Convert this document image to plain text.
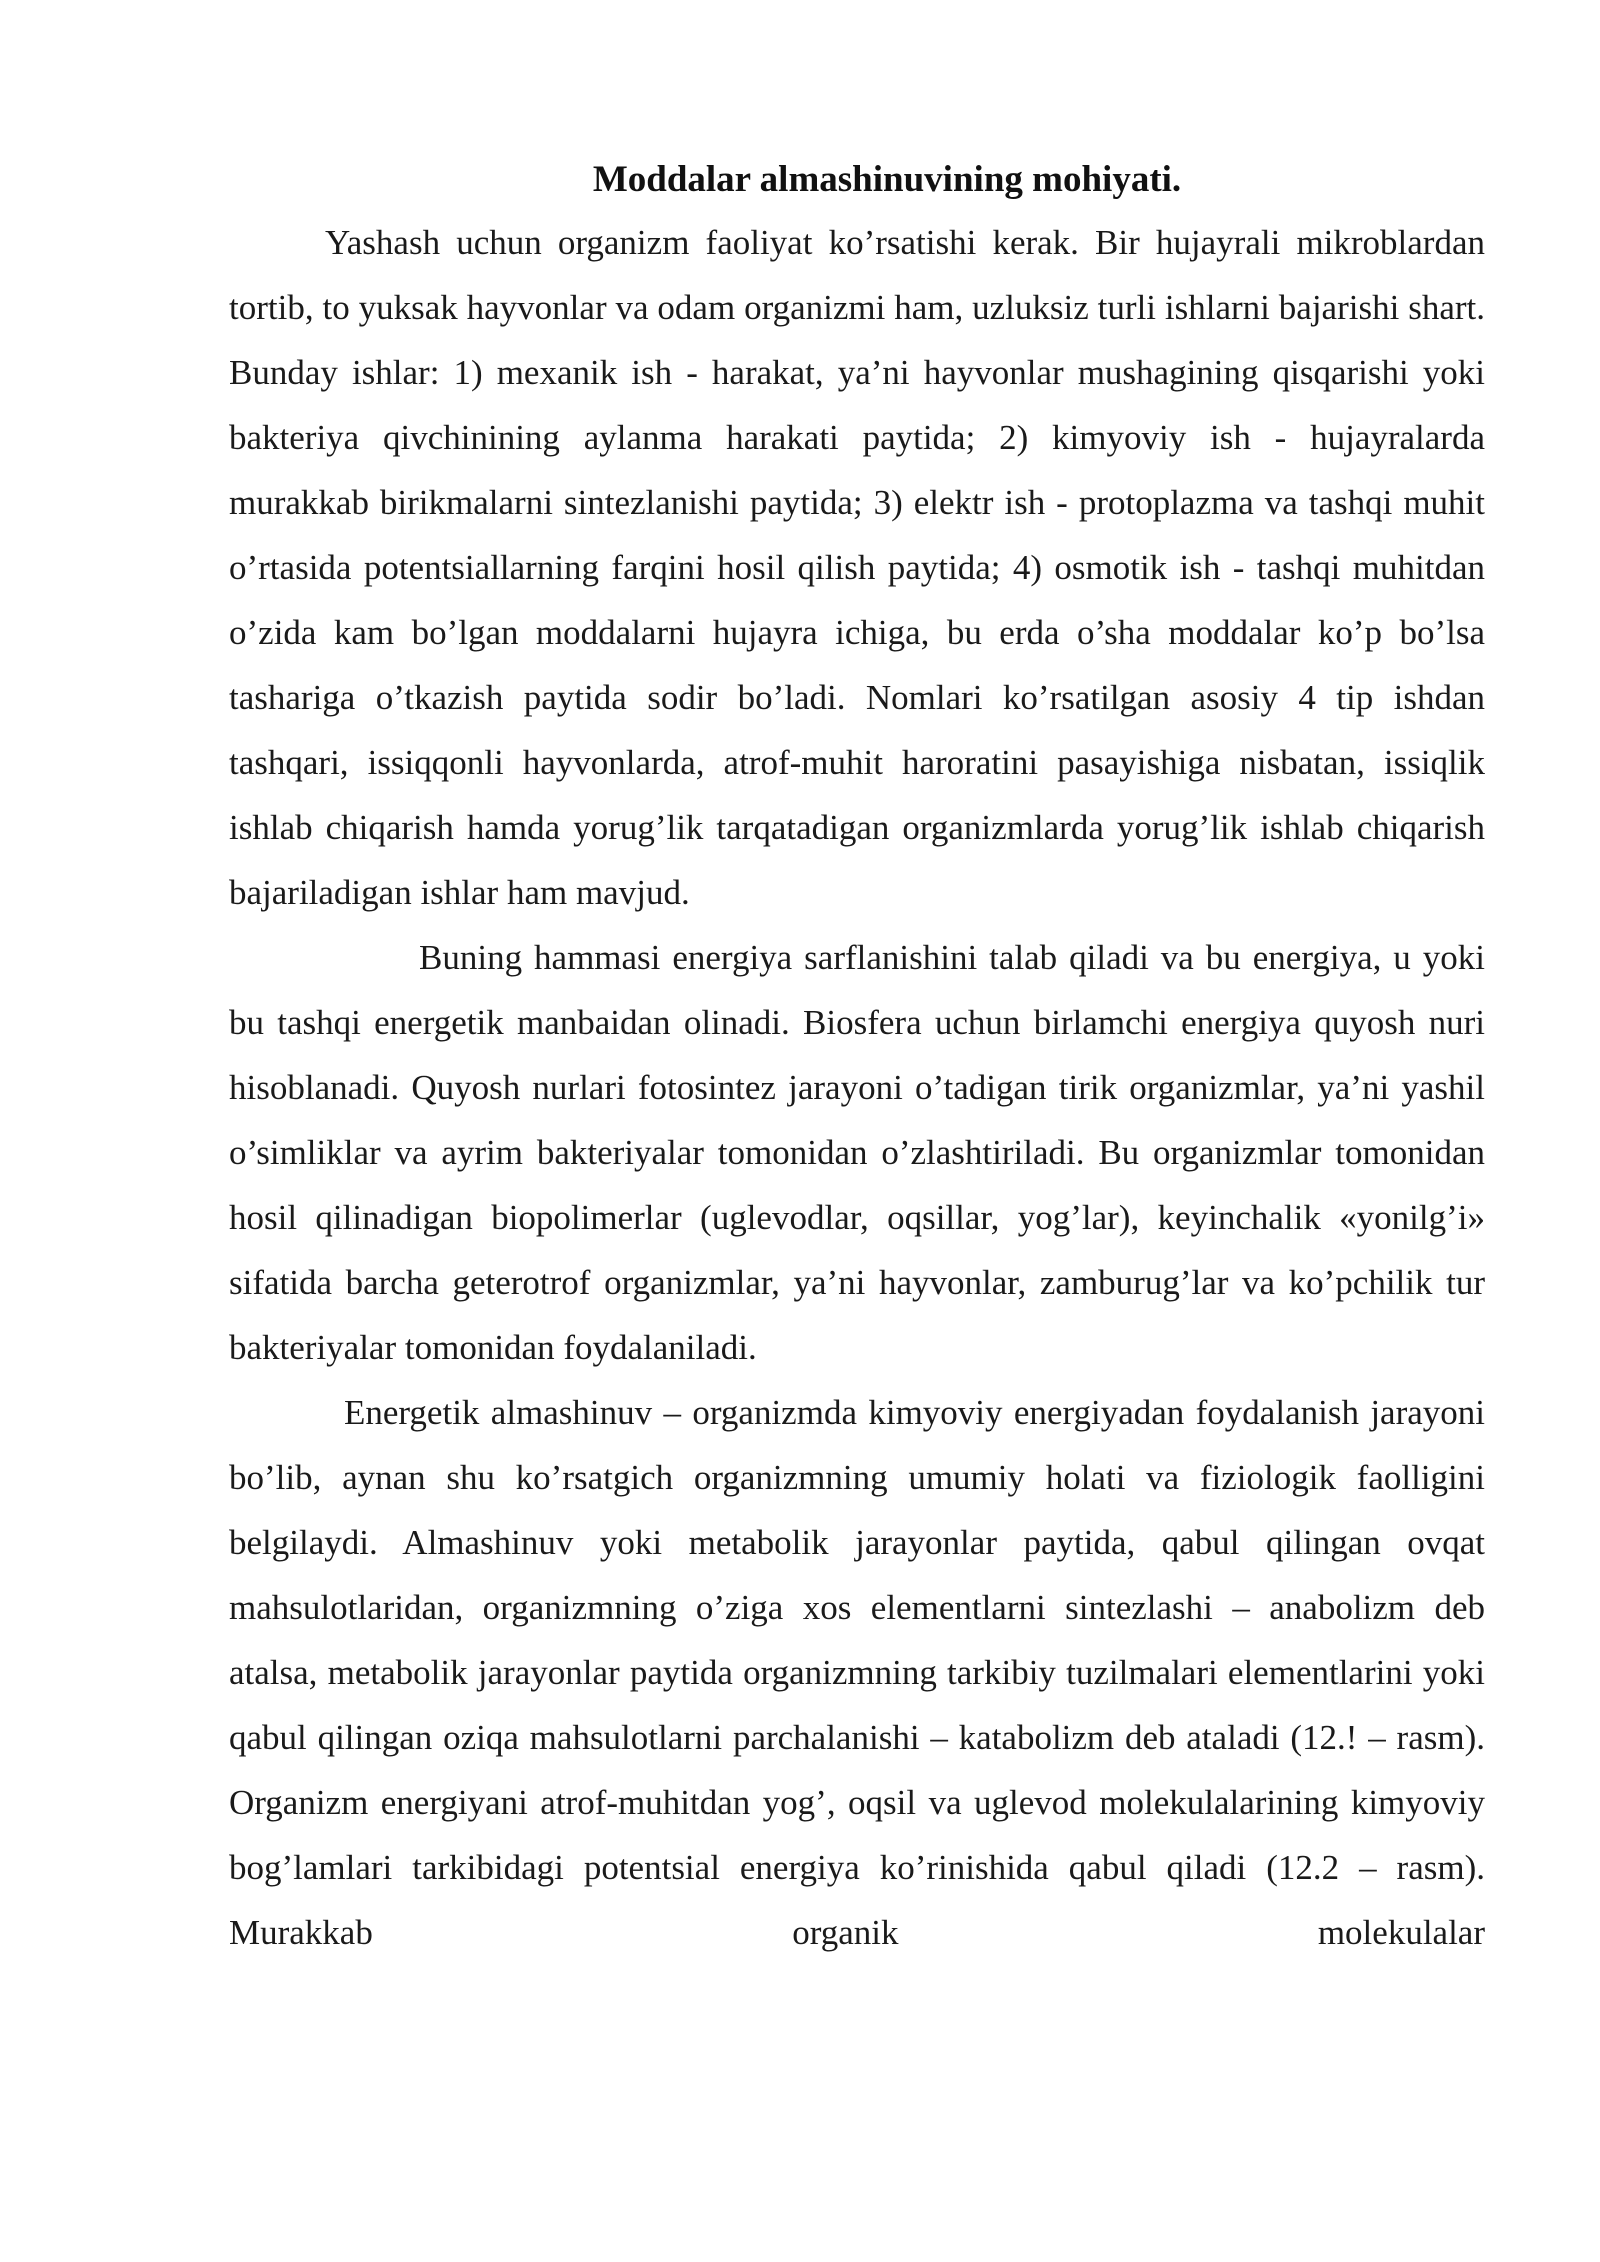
Moddalar almashinuvining mohiyati.

Yashash uchun organizm faoliyat ko’rsatishi kerak. Bir hujayrali mikroblardan tortib, to yuksak hayvonlar va odam organizmi ham, uzluksiz turli ishlarni bajarishi shart. Bunday ishlar: 1) mexanik ish - harakat, ya’ni hayvonlar mushagining qisqarishi yoki bakteriya qivchinining aylanma harakati paytida; 2) kimyoviy ish - hujayralarda murakkab birikmalarni sintezlanishi paytida; 3) elektr ish - protoplazma va tashqi muhit o’rtasida potentsiallarning farqini hosil qilish paytida; 4) osmotik ish - tashqi muhitdan o’zida kam bo’lgan moddalarni hujayra ichiga, bu erda o’sha moddalar ko’p bo’lsa tashariga o’tkazish paytida sodir bo’ladi. Nomlari ko’rsatilgan asosiy 4 tip ishdan tashqari, issiqqonli hayvonlarda, atrof-muhit haroratini pasayishiga nisbatan, issiqlik ishlab chiqarish hamda yorug’lik tarqatadigan organizmlarda yorug’lik ishlab chiqarish bajariladigan ishlar ham mavjud.

Buning hammasi energiya sarflanishini talab qiladi va bu energiya, u yoki bu tashqi energetik manbaidan olinadi. Biosfera uchun birlamchi energiya quyosh nuri hisoblanadi. Quyosh nurlari fotosintez jarayoni o’tadigan tirik organizmlar, ya’ni yashil o’simliklar va ayrim bakteriyalar tomonidan o’zlashtiriladi. Bu organizmlar tomonidan hosil qilinadigan biopolimerlar (uglevodlar, oqsillar, yog’lar), keyinchalik «yonilg’i» sifatida barcha geterotrof organizmlar, ya’ni hayvonlar, zamburug’lar va ko’pchilik tur bakteriyalar tomonidan foydalaniladi.

Energetik almashinuv – organizmda kimyoviy energiyadan foydalanish jarayoni bo’lib, aynan shu ko’rsatgich organizmning umumiy holati va fiziologik faolligini belgilaydi. Almashinuv yoki metabolik jarayonlar paytida, qabul qilingan ovqat mahsulotlaridan, organizmning o’ziga xos elementlarni sintezlashi – anabolizm deb atalsa, metabolik jarayonlar paytida organizmning tarkibiy tuzilmalari elementlarini yoki qabul qilingan oziqa mahsulotlarni parchalanishi – katabolizm deb ataladi (12.! – rasm). Organizm energiyani atrof-muhitdan yog’, oqsil va uglevod molekulalarining kimyoviy bog’lamlari tarkibidagi potentsial energiya ko’rinishida qabul qiladi (12.2 – rasm). Murakkab organik molekulalar
